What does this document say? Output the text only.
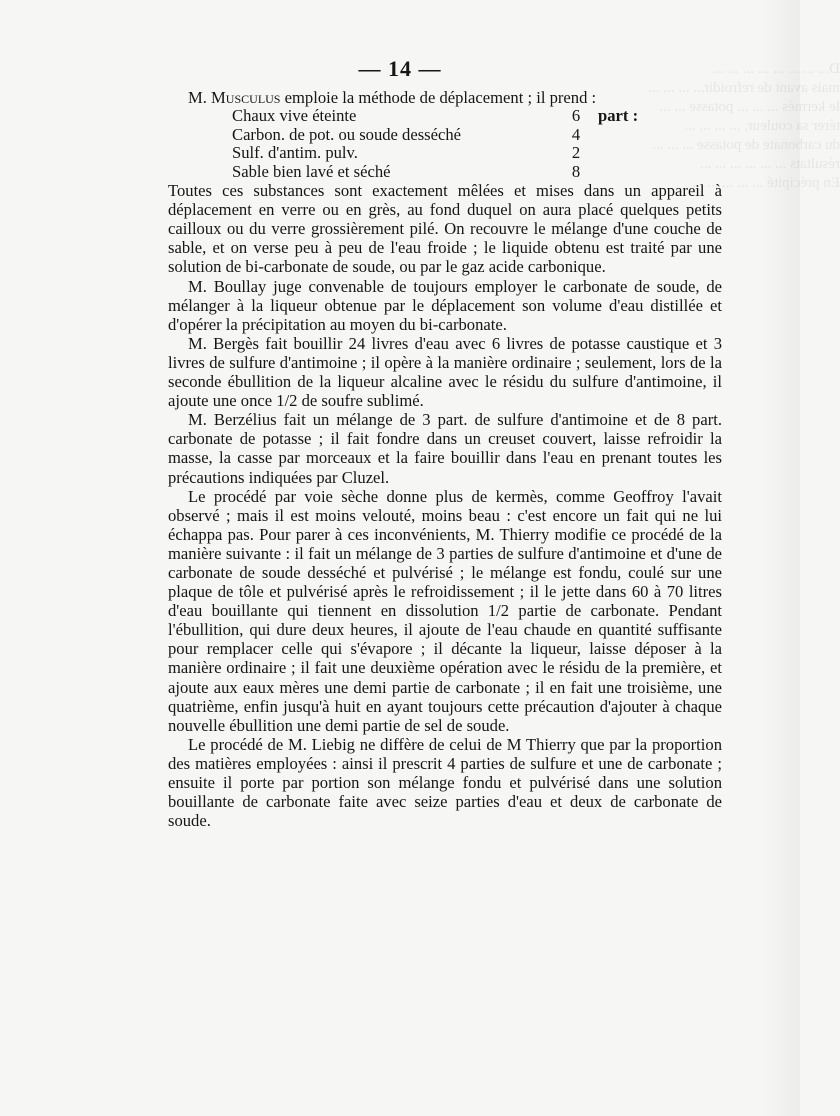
D... ... ... ... ...
mais avant de refroidir... ... ... ...
le kermès ... ... ... potasse ... ...
térer sa ... ... ... ...
du carbonate de potasse ... ... ...
résultats ... ... ... ...
En ... ... ... ... ...
— 14 —

M. Musculus emploie la méthode de déplacement ; il prend :

Chaux vive éteinte	6	part :
Carbon. de pot. ou soude desséché	4	
Sulf. d'antim. pulv.	2	
Sable bien lavé et séché	8	

Toutes ces substances sont exactement mêlées et mises dans un appareil à déplacement en verre ou en grès, au fond duquel on aura placé quelques petits cailloux ou du verre grossièrement pilé. On recouvre le mélange d'une couche de sable, et on verse peu à peu de l'eau froide ; le liquide obtenu est traité par une solution de bi-carbonate de soude, ou par le gaz acide carbonique.

M. Boullay juge convenable de toujours employer le carbonate de soude, de mélanger à la liqueur obtenue par le déplacement son volume d'eau distillée et d'opérer la précipitation au moyen du bi-carbonate.

M. Bergès fait bouillir 24 livres d'eau avec 6 livres de potasse caustique et 3 livres de sulfure d'antimoine ; il opère à la manière ordinaire ; seulement, lors de la seconde ébullition de la liqueur alcaline avec le résidu du sulfure d'antimoine, il ajoute une once 1/2 de soufre sublimé.

M. Berzélius fait un mélange de 3 part. de sulfure d'antimoine et de 8 part. carbonate de potasse ; il fait fondre dans un creuset couvert, laisse refroidir la masse, la casse par morceaux et la faire bouillir dans l'eau en prenant toutes les précautions indiquées par Cluzel.

Le procédé par voie sèche donne plus de kermès, comme Geoffroy l'avait observé ; mais il est moins velouté, moins beau : c'est encore un fait qui ne lui échappa pas. Pour parer à ces inconvénients, M. Thierry modifie ce procédé de la manière suivante : il fait un mélange de 3 parties de sulfure d'antimoine et d'une de carbonate de soude desséché et pulvérisé ; le mélange est fondu, coulé sur une plaque de tôle et pulvérisé après le refroidissement ; il le jette dans 60 à 70 litres d'eau bouillante qui tiennent en dissolution 1/2 partie de carbonate. Pendant l'ébullition, qui dure deux heures, il ajoute de l'eau chaude en quantité suffisante pour remplacer celle qui s'évapore ; il décante la liqueur, laisse déposer à la manière ordinaire ; il fait une deuxième opération avec le résidu de la première, et ajoute aux eaux mères une demi partie de carbonate ; il en fait une troisième, une quatrième, enfin jusqu'à huit en ayant toujours cette précaution d'ajouter à chaque nouvelle ébullition une demi partie de sel de soude.

Le procédé de M. Liebig ne diffère de celui de M Thierry que par la proportion des matières employées : ainsi il prescrit 4 parties de sulfure et une de carbonate ; ensuite il porte par portion son mélange fondu et pulvérisé dans une solution bouillante de carbonate faite avec seize parties d'eau et deux de carbonate de soude.
